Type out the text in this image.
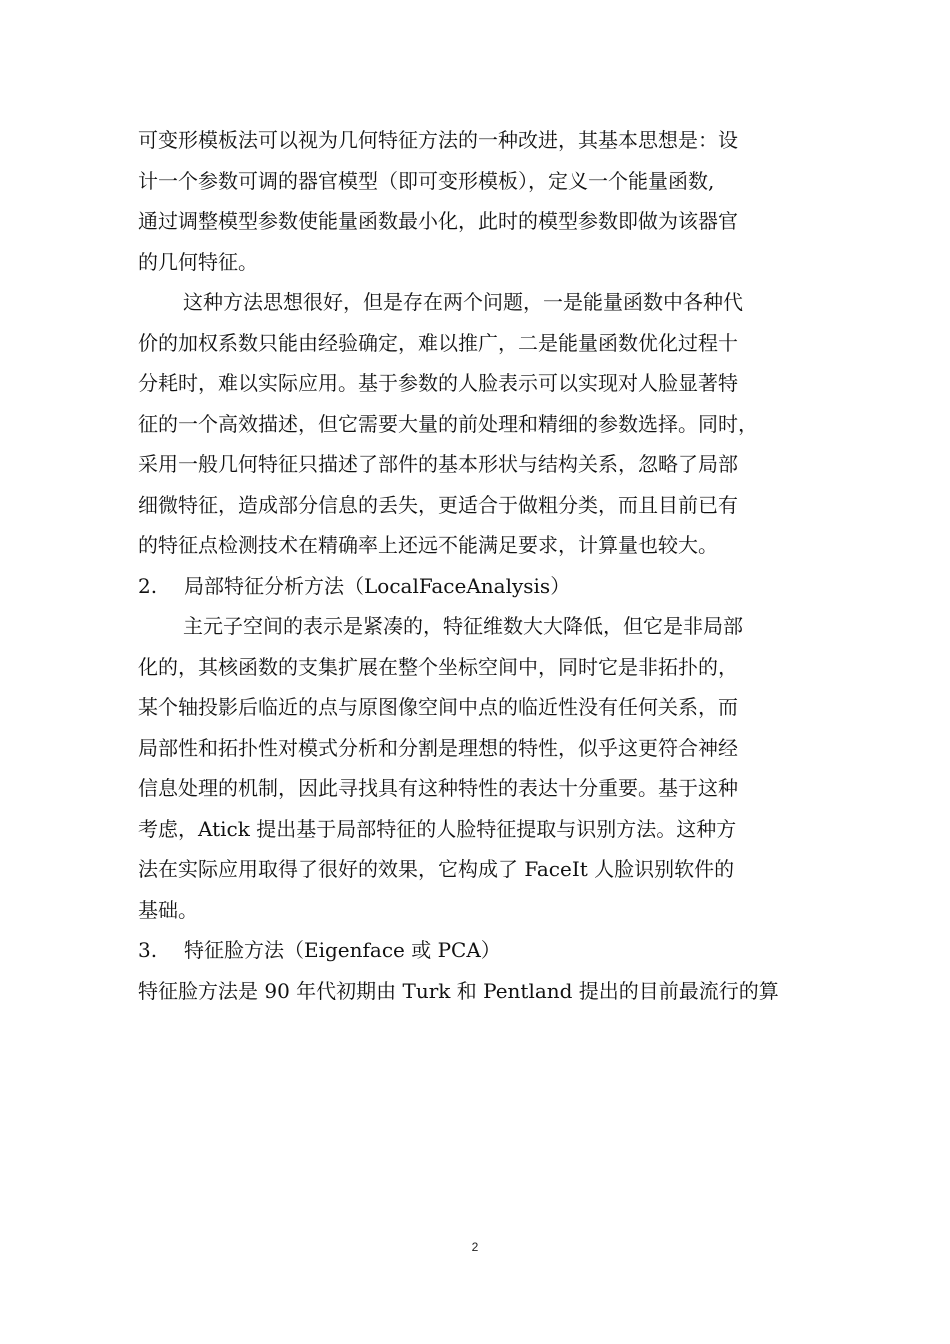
可变形模板法可以视为几何特征方法的一种改进，其基本思想是：设
计一个参数可调的器官模型（即可变形模板），定义一个能量函数,
通过调整模型参数使能量函数最小化，此时的模型参数即做为该器官
的几何特征。
这种方法思想很好，但是存在两个问题，一是能量函数中各种代
价的加权系数只能由经验确定，难以推广，二是能量函数优化过程十
分耗时，难以实际应用。基于参数的人脸表示可以实现对人脸显著特
征的一个高效描述，但它需要大量的前处理和精细的参数选择。同时，
采用一般几何特征只描述了部件的基本形状与结构关系，忽略了局部
细微特征，造成部分信息的丢失，更适合于做粗分类，而且目前已有
的特征点检测技术在精确率上还远不能满足要求，计算量也较大。
2. 局部特征分析方法（LocalFaceAnalysis）
主元子空间的表示是紧凑的，特征维数大大降低，但它是非局部
化的，其核函数的支集扩展在整个坐标空间中，同时它是非拓扑的，
某个轴投影后临近的点与原图像空间中点的临近性没有任何关系，而
局部性和拓扑性对模式分析和分割是理想的特性，似乎这更符合神经
信息处理的机制，因此寻找具有这种特性的表达十分重要。基于这种
考虑，Atick 提出基于局部特征的人脸特征提取与识别方法。这种方
法在实际应用取得了很好的效果，它构成了 FaceIt 人脸识别软件的
基础。
3. 特征脸方法（Eigenface 或 PCA）
特征脸方法是 90 年代初期由 Turk 和 Pentland 提出的目前最流行的算
2
